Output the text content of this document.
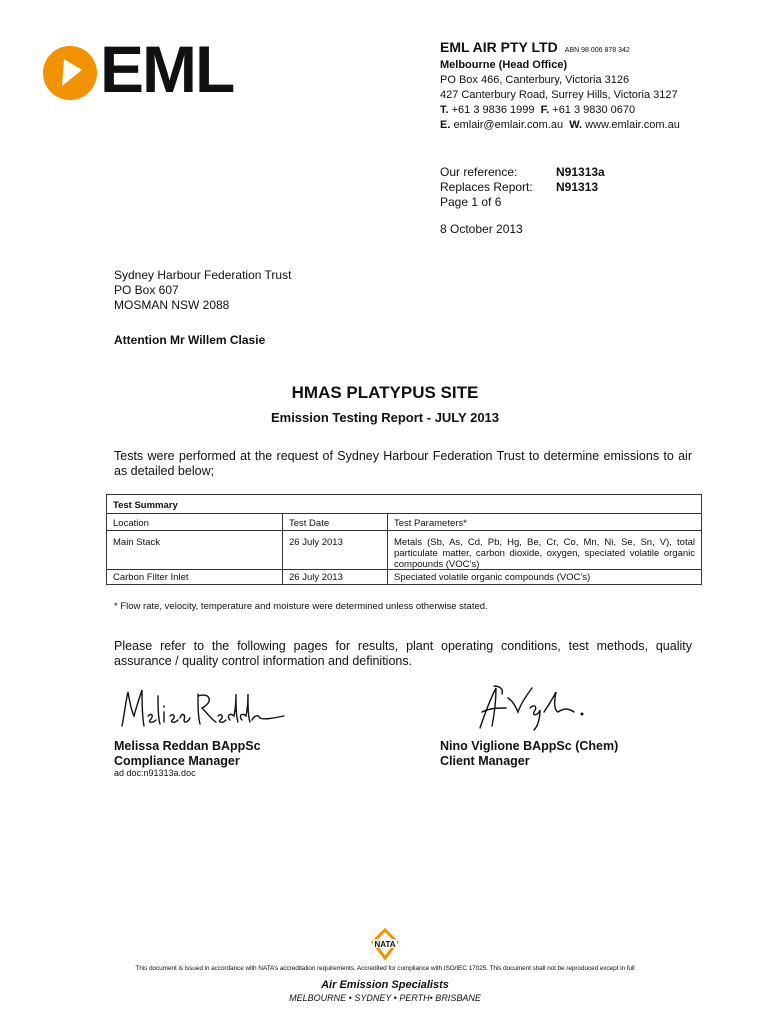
EML	EML AIR PTY LTD ABN 98 006 878 342
Melbourne (Head Office)
PO Box 466, Canterbury, Victoria 3126
427 Canterbury Road, Surrey Hills, Victoria 3127
T. +61 3 9836 1999 F. +61 3 9830 0670
E. emlair@emlair.com.au W. www.emlair.com.au
Our reference:	N91313a
Replaces Report:	N91313
Page 1 of 6
8 October 2013
Sydney Harbour Federation Trust
PO Box 607
MOSMAN NSW 2088
Attention Mr Willem Clasie
HMAS PLATYPUS SITE
Emission Testing Report - JULY 2013
Tests were performed at the request of Sydney Harbour Federation Trust to determine emissions to air as detailed below;
Test Summary
Location	Test Date	Test Parameters*
Main Stack	26 July 2013	Metals (Sb, As, Cd, Pb, Hg, Be, Cr, Co, Mn, Ni, Se, Sn, V), total particulate matter, carbon dioxide, oxygen, speciated volatile organic compounds (VOC’s)
Carbon Filter Inlet	26 July 2013	Speciated volatile organic compounds (VOC’s)
* Flow rate, velocity, temperature and moisture were determined unless otherwise stated.
Please refer to the following pages for results, plant operating conditions, test methods, quality assurance / quality control information and definitions.
Melissa Reddan BAppSc
Compliance Manager
Nino Viglione BAppSc (Chem)
Client Manager
ad doc:n91313a.doc
NATA
This document is issued in accordance with NATA’s accreditation requirements. Accredited for compliance with ISO/IEC 17025. This document shall not be reproduced except in full
Air Emission Specialists
MELBOURNE • SYDNEY • PERTH• BRISBANE
